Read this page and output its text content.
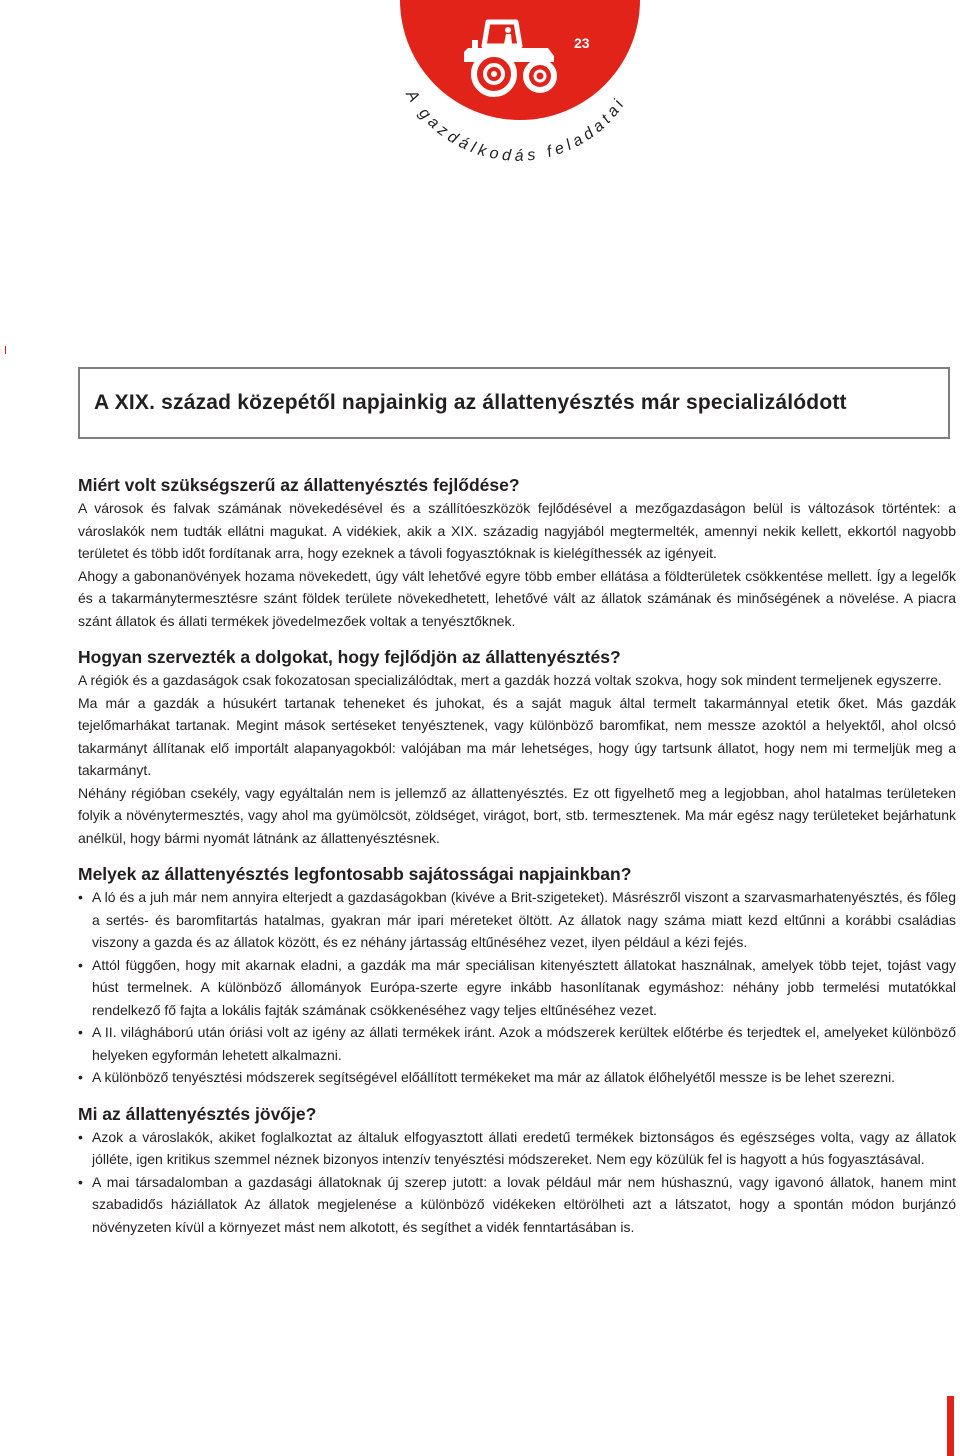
23
A gazdálkodás feladatai
A XIX. század közepétől napjainkig az állattenyésztés már specializálódott
Miért volt szükségszerű az állattenyésztés fejlődése?

A városok és falvak számának növekedésével és a szállítóeszközök fejlődésével a mezőgazdaságon belül is változások történtek: a városlakók nem tudták ellátni magukat. A vidékiek, akik a XIX. századig nagyjából megtermelték, amennyi nekik kellett, ekkortól nagyobb területet és több időt fordítanak arra, hogy ezeknek a távoli fogyasztóknak is kielégíthessék az igényeit.

Ahogy a gabonanövények hozama növekedett, úgy vált lehetővé egyre több ember ellátása a földterületek csökkentése mellett. Így a legelők és a takarmánytermesztésre szánt földek területe növekedhetett, lehetővé vált az állatok számának és minőségének a növelése. A piacra szánt állatok és állati termékek jövedelmezőek voltak a tenyésztőknek.

Hogyan szervezték a dolgokat, hogy fejlődjön az állattenyésztés?

A régiók és a gazdaságok csak fokozatosan specializálódtak, mert a gazdák hozzá voltak szokva, hogy sok mindent termeljenek egyszerre.

Ma már a gazdák a húsukért tartanak teheneket és juhokat, és a saját maguk által termelt takarmánnyal etetik őket. Más gazdák tejelőmarhákat tartanak. Megint mások sertéseket tenyésztenek, vagy különböző baromfikat, nem messze azoktól a helyektől, ahol olcsó takarmányt állítanak elő importált alapanyagokból: valójában ma már lehetséges, hogy úgy tartsunk állatot, hogy nem mi termeljük meg a takarmányt.

Néhány régióban csekély, vagy egyáltalán nem is jellemző az állattenyésztés. Ez ott figyelhető meg a legjobban, ahol hatalmas területeken folyik a növénytermesztés, vagy ahol ma gyümölcsöt, zöldséget, virágot, bort, stb. termesztenek. Ma már egész nagy területeket bejárhatunk anélkül, hogy bármi nyomát látnánk az állattenyésztésnek.

Melyek az állattenyésztés legfontosabb sajátosságai napjainkban?
• A ló és a juh már nem annyira elterjedt a gazdaságokban (kivéve a Brit-szigeteket). Másrészről viszont a szarvasmarhatenyésztés, és főleg a sertés- és baromfitartás hatalmas, gyakran már ipari méreteket öltött. Az állatok nagy száma miatt kezd eltűnni a korábbi családias viszony a gazda és az állatok között, és ez néhány jártasság eltűnéséhez vezet, ilyen például a kézi fejés.
• Attól függően, hogy mit akarnak eladni, a gazdák ma már speciálisan kitenyésztett állatokat használnak, amelyek több tejet, tojást vagy húst termelnek. A különböző állományok Európa-szerte egyre inkább hasonlítanak egymáshoz: néhány jobb termelési mutatókkal rendelkező fő fajta a lokális fajták számának csökkenéséhez vagy teljes eltűnéséhez vezet.
• A II. világháború után óriási volt az igény az állati termékek iránt. Azok a módszerek kerültek előtérbe és terjedtek el, amelyeket különböző helyeken egyformán lehetett alkalmazni.
• A különböző tenyésztési módszerek segítségével előállított termékeket ma már az állatok élőhelyétől messze is be lehet szerezni.
Mi az állattenyésztés jövője?
• Azok a városlakók, akiket foglalkoztat az általuk elfogyasztott állati eredetű termékek biztonságos és egészséges volta, vagy az állatok jólléte, igen kritikus szemmel néznek bizonyos intenzív tenyésztési módszereket. Nem egy közülük fel is hagyott a hús fogyasztásával.
• A mai társadalomban a gazdasági állatoknak új szerep jutott: a lovak például már nem húshasznú, vagy igavonó állatok, hanem mint szabadidős háziállatok Az állatok megjelenése a különböző vidékeken eltörölheti azt a látszatot, hogy a spontán módon burjánzó növényzeten kívül a környezet mást nem alkotott, és segíthet a vidék fenntartásában is.
